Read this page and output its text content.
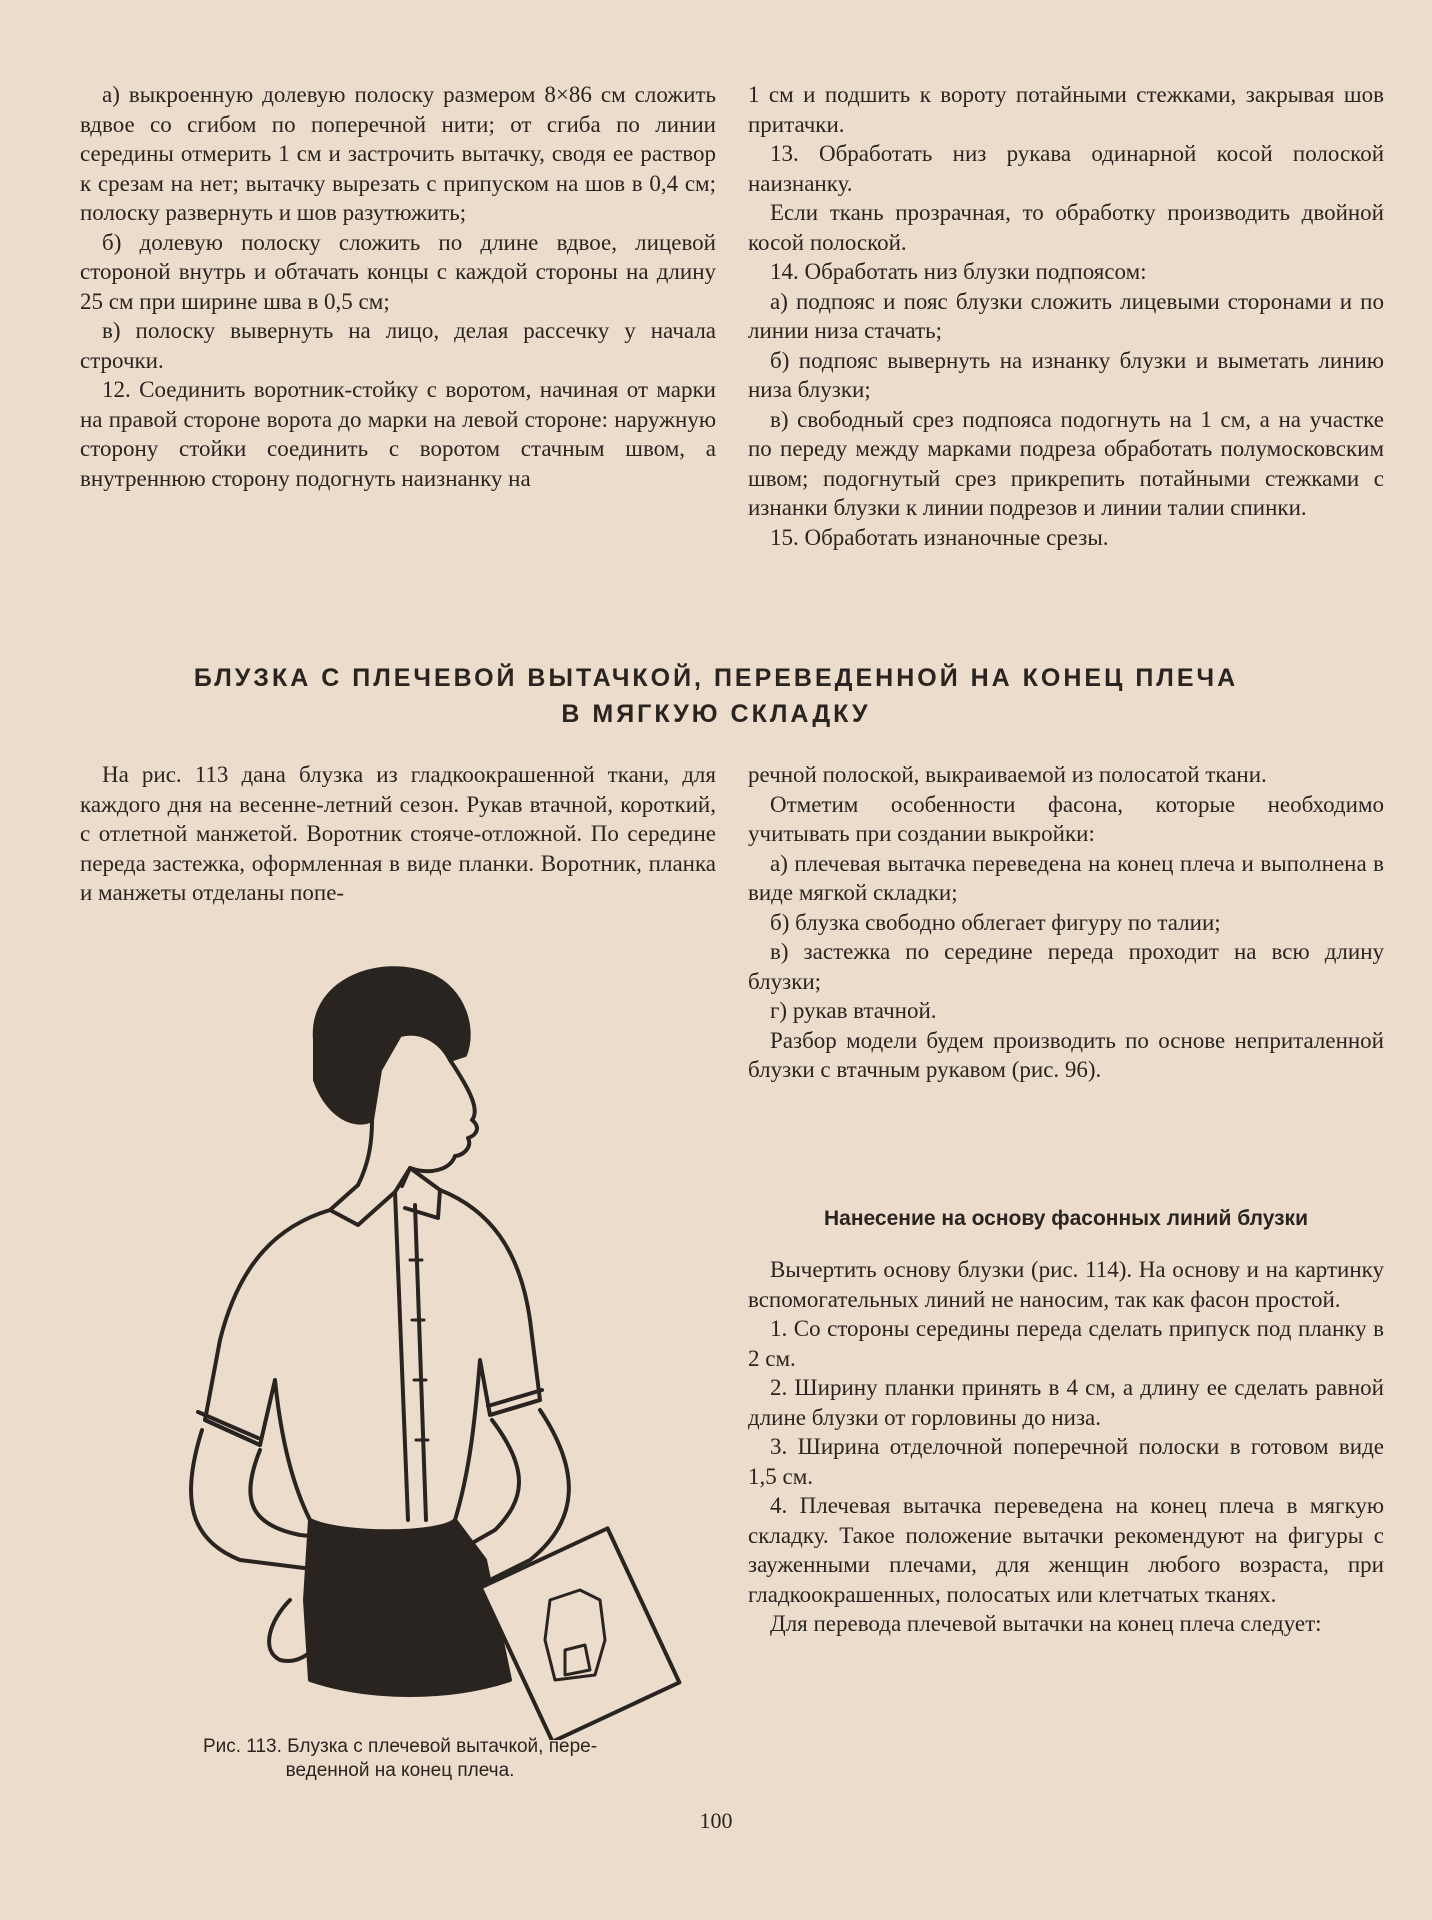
а) выкроенную долевую полоску размером 8×86 см сложить вдвое со сгибом по поперечной нити; от сгиба по линии середины отмерить 1 см и застрочить вытачку, сводя ее раствор к срезам на нет; вытачку вырезать с припуском на шов в 0,4 см; полоску развернуть и шов разутюжить;

б) долевую полоску сложить по длине вдвое, лицевой стороной внутрь и обтачать концы с каждой стороны на длину 25 см при ширине шва в 0,5 см;

в) полоску вывернуть на лицо, делая рассечку у начала строчки.

12. Соединить воротник-стойку с воротом, начиная от марки на правой стороне ворота до марки на левой стороне: наружную сторону стойки соединить с воротом стачным швом, а внутреннюю сторону подогнуть наизнанку на

1 см и подшить к вороту потайными стежками, закрывая шов притачки.

13. Обработать низ рукава одинарной косой полоской наизнанку.

Если ткань прозрачная, то обработку производить двойной косой полоской.

14. Обработать низ блузки подпоясом:

а) подпояс и пояс блузки сложить лицевыми сторонами и по линии низа стачать;

б) подпояс вывернуть на изнанку блузки и выметать линию низа блузки;

в) свободный срез подпояса подогнуть на 1 см, а на участке по переду между марками подреза обработать полумосковским швом; подогнутый срез прикрепить потайными стежками с изнанки блузки к линии подрезов и линии талии спинки.

15. Обработать изнаночные срезы.

БЛУЗКА С ПЛЕЧЕВОЙ ВЫТАЧКОЙ, ПЕРЕВЕДЕННОЙ НА КОНЕЦ ПЛЕЧА
В МЯГКУЮ СКЛАДКУ

На рис. 113 дана блузка из гладкоокрашенной ткани, для каждого дня на весенне-летний сезон. Рукав втачной, короткий, с отлетной манжетой. Воротник стояче-отложной. По середине переда застежка, оформленная в виде планки. Воротник, планка и манжеты отделаны попе-

речной полоской, выкраиваемой из полосатой ткани.

Отметим особенности фасона, которые необходимо учитывать при создании выкройки:

а) плечевая вытачка переведена на конец плеча и выполнена в виде мягкой складки;

б) блузка свободно облегает фигуру по талии;

в) застежка по середине переда проходит на всю длину блузки;

г) рукав втачной.

Разбор модели будем производить по основе неприталенной блузки с втачным рукавом (рис. 96).

Нанесение на основу фасонных линий блузки

Вычертить основу блузки (рис. 114). На основу и на картинку вспомогательных линий не наносим, так как фасон простой.

1. Со стороны середины переда сделать припуск под планку в 2 см.

2. Ширину планки принять в 4 см, а длину ее сделать равной длине блузки от горловины до низа.

3. Ширина отделочной поперечной полоски в готовом виде 1,5 см.

4. Плечевая вытачка переведена на конец плеча в мягкую складку. Такое положение вытачки рекомендуют на фигуры с зауженными плечами, для женщин любого возраста, при гладкоокрашенных, полосатых или клетчатых тканях.

Для перевода плечевой вытачки на конец плеча следует:

Рис. 113. Блузка с плечевой вытачкой, пере-
веденной на конец плеча.
100
